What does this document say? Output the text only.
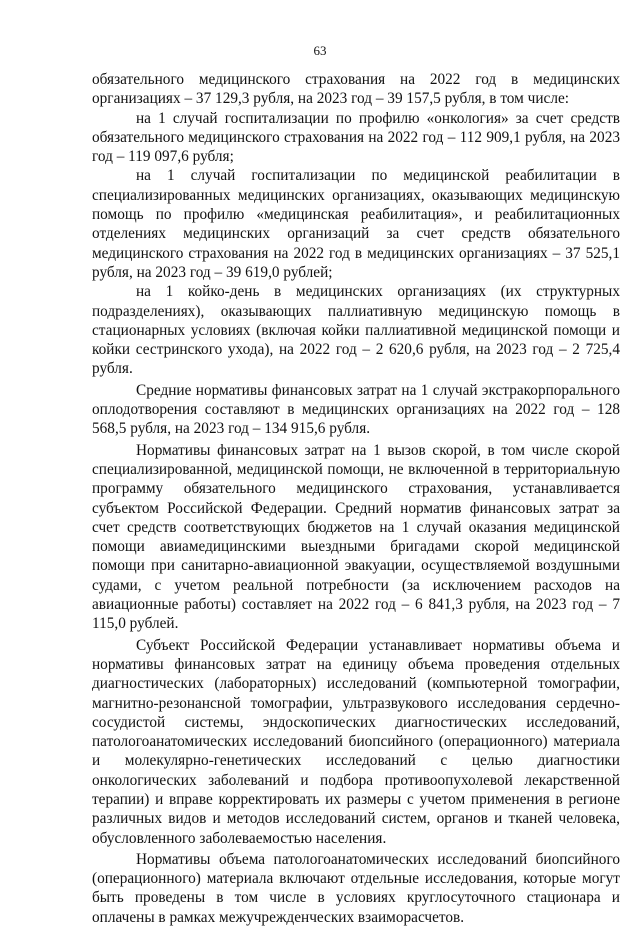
63

обязательного медицинского страхования на 2022 год в медицинских организациях – 37 129,3 рубля, на 2023 год – 39 157,5 рубля, в том числе:

на 1 случай госпитализации по профилю «онкология» за счет средств обязательного медицинского страхования на 2022 год – 112 909,1 рубля, на 2023 год – 119 097,6 рубля;

на 1 случай госпитализации по медицинской реабилитации в специализированных медицинских организациях, оказывающих медицинскую помощь по профилю «медицинская реабилитация», и реабилитационных отделениях медицинских организаций за счет средств обязательного медицинского страхования на 2022 год в медицинских организациях – 37 525,1 рубля, на 2023 год – 39 619,0 рублей;

на 1 койко-день в медицинских организациях (их структурных подразделениях), оказывающих паллиативную медицинскую помощь в стационарных условиях (включая койки паллиативной медицинской помощи и койки сестринского ухода), на 2022 год – 2 620,6 рубля, на 2023 год – 2 725,4 рубля.

Средние нормативы финансовых затрат на 1 случай экстракорпорального оплодотворения составляют в медицинских организациях на 2022 год – 128 568,5 рубля, на 2023 год – 134 915,6 рубля.

Нормативы финансовых затрат на 1 вызов скорой, в том числе скорой специализированной, медицинской помощи, не включенной в территориальную программу обязательного медицинского страхования, устанавливается субъектом Российской Федерации. Средний норматив финансовых затрат за счет средств соответствующих бюджетов на 1 случай оказания медицинской помощи авиамедицинскими выездными бригадами скорой медицинской помощи при санитарно-авиационной эвакуации, осуществляемой воздушными судами, с учетом реальной потребности (за исключением расходов на авиационные работы) составляет на 2022 год – 6 841,3 рубля, на 2023 год – 7 115,0 рублей.

Субъект Российской Федерации устанавливает нормативы объема и нормативы финансовых затрат на единицу объема проведения отдельных диагностических (лабораторных) исследований (компьютерной томографии, магнитно-резонансной томографии, ультразвукового исследования сердечно-сосудистой системы, эндоскопических диагностических исследований, патологоанатомических исследований биопсийного (операционного) материала и молекулярно-генетических исследований с целью диагностики онкологических заболеваний и подбора противоопухолевой лекарственной терапии) и вправе корректировать их размеры с учетом применения в регионе различных видов и методов исследований систем, органов и тканей человека, обусловленного заболеваемостью населения.

Нормативы объема патологоанатомических исследований биопсийного (операционного) материала включают отдельные исследования, которые могут быть проведены в том числе в условиях круглосуточного стационара и оплачены в рамках межучрежденческих взаиморасчетов.
